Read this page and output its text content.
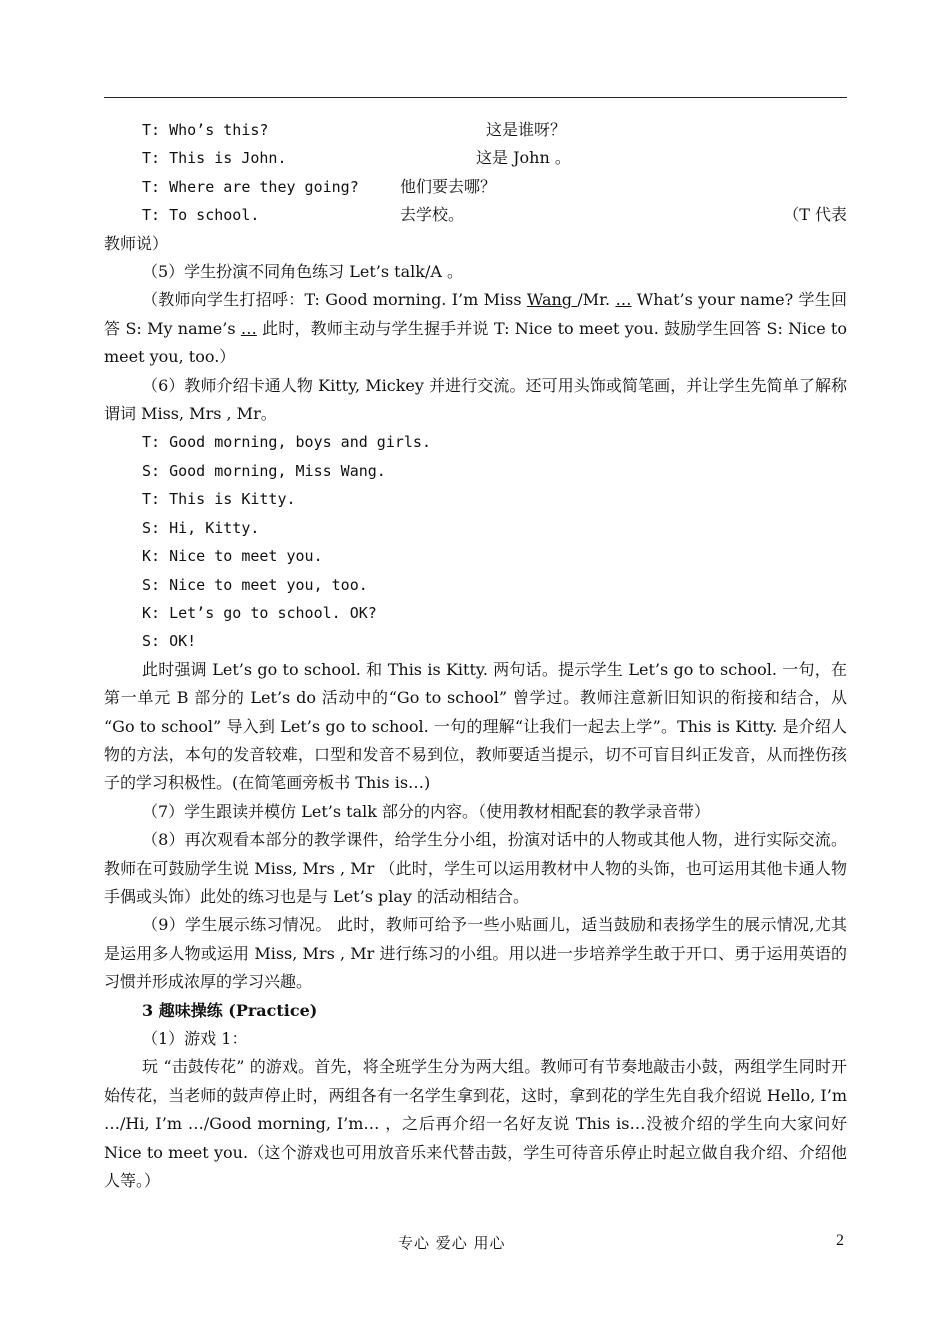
T: Who’s this?	这是谁呀？
T: This is John.	这是 John 。
T: Where are they going?	他们要去哪？
T: To school.	去学校。	（T 代表

教师说）

（5）学生扮演不同角色练习 Let’s talk/A 。

（教师向学生打招呼：T: Good morning. I’m Miss Wang /Mr. … What’s your name? 学生回答 S: My name’s … 此时，教师主动与学生握手并说 T: Nice to meet you. 鼓励学生回答 S: Nice to meet you, too.）

（6）教师介绍卡通人物 Kitty, Mickey 并进行交流。还可用头饰或简笔画，并让学生先简单了解称谓词 Miss, Mrs , Mr。

T: Good morning, boys and girls.

S: Good morning, Miss Wang.

T: This is Kitty.

S: Hi, Kitty.

K: Nice to meet you.

S: Nice to meet you, too.

K: Let’s go to school. OK?

S: OK!

此时强调 Let’s go to school. 和 This is Kitty. 两句话。提示学生 Let’s go to school. 一句，在第一单元 B 部分的 Let’s do 活动中的“Go to school” 曾学过。教师注意新旧知识的衔接和结合，从 “Go to school” 导入到 Let’s go to school. 一句的理解“让我们一起去上学”。This is Kitty. 是介绍人物的方法，本句的发音较难，口型和发音不易到位，教师要适当提示，切不可盲目纠正发音，从而挫伤孩子的学习积极性。(在简笔画旁板书 This is…)

（7）学生跟读并模仿 Let’s talk 部分的内容。（使用教材相配套的教学录音带）

（8）再次观看本部分的教学课件，给学生分小组，扮演对话中的人物或其他人物，进行实际交流。教师在可鼓励学生说 Miss, Mrs , Mr （此时，学生可以运用教材中人物的头饰，也可运用其他卡通人物手偶或头饰）此处的练习也是与 Let’s play 的活动相结合。

（9）学生展示练习情况。 此时，教师可给予一些小贴画儿，适当鼓励和表扬学生的展示情况,尤其是运用多人物或运用 Miss, Mrs , Mr 进行练习的小组。用以进一步培养学生敢于开口、勇于运用英语的习惯并形成浓厚的学习兴趣。

3 趣味操练 (Practice)

（1）游戏 1：

玩 “击鼓传花” 的游戏。首先，将全班学生分为两大组。教师可有节奏地敲击小鼓，两组学生同时开始传花，当老师的鼓声停止时，两组各有一名学生拿到花，这时，拿到花的学生先自我介绍说 Hello, I’m …/Hi, I’m …/Good morning, I’m… ，之后再介绍一名好友说 This is…没被介绍的学生向大家问好 Nice to meet you.（这个游戏也可用放音乐来代替击鼓，学生可待音乐停止时起立做自我介绍、介绍他人等。）

专心 爱心 用心	2
